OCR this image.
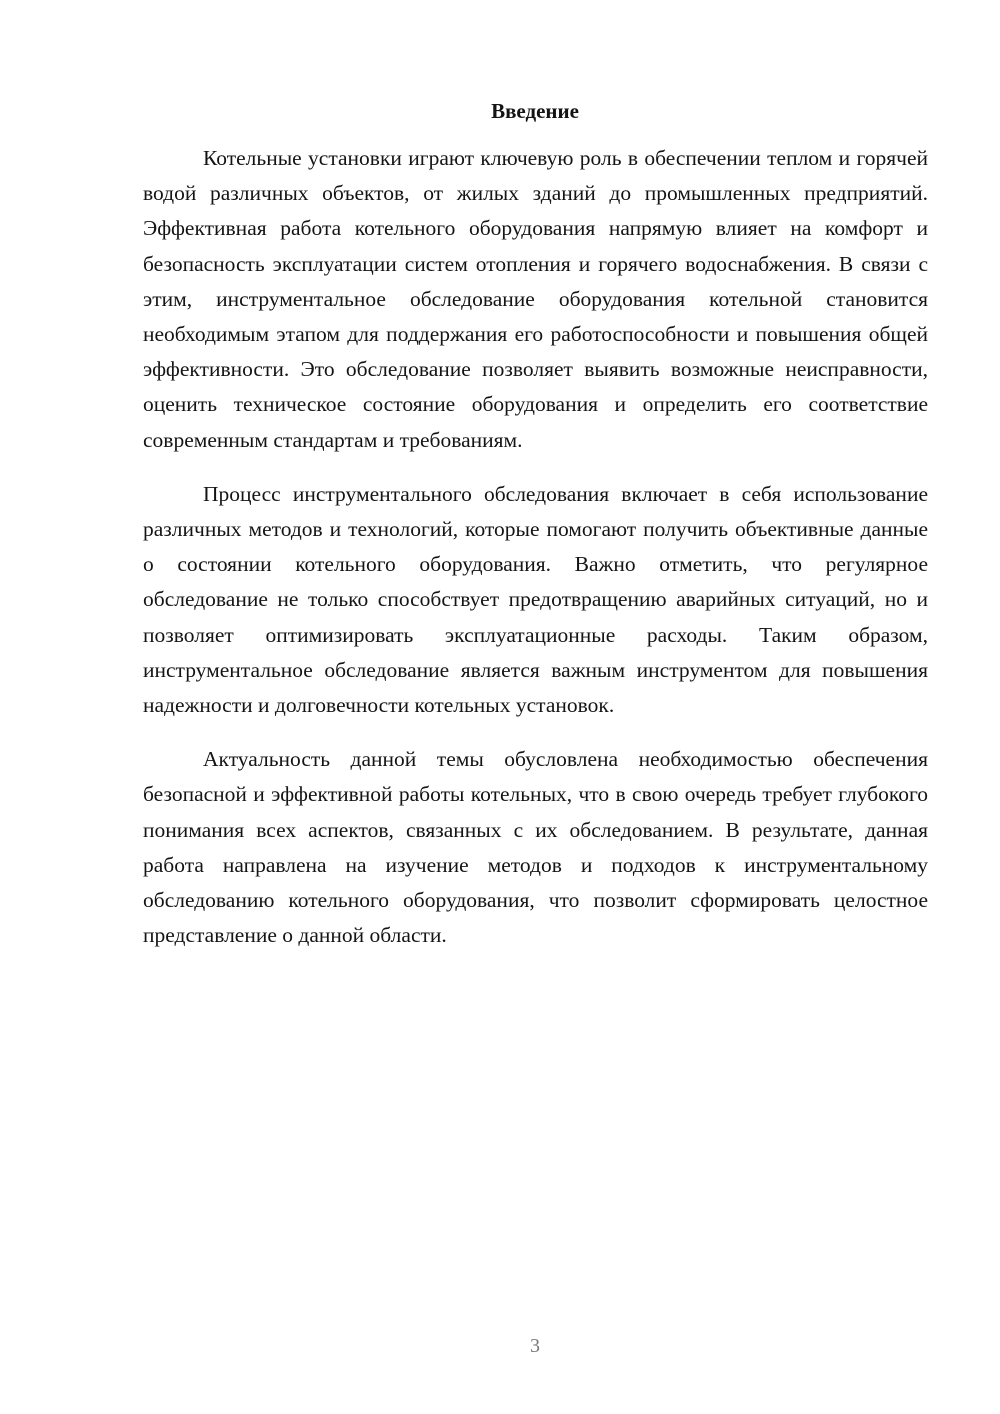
Введение

Котельные установки играют ключевую роль в обеспечении теплом и горячей водой различных объектов, от жилых зданий до промышленных предприятий. Эффективная работа котельного оборудования напрямую влияет на комфорт и безопасность эксплуатации систем отопления и горячего водоснабжения. В связи с этим, инструментальное обследование оборудования котельной становится необходимым этапом для поддержания его работоспособности и повышения общей эффективности. Это обследование позволяет выявить возможные неисправности, оценить техническое состояние оборудования и определить его соответствие современным стандартам и требованиям.

Процесс инструментального обследования включает в себя использование различных методов и технологий, которые помогают получить объективные данные о состоянии котельного оборудования. Важно отметить, что регулярное обследование не только способствует предотвращению аварийных ситуаций, но и позволяет оптимизировать эксплуатационные расходы. Таким образом, инструментальное обследование является важным инструментом для повышения надежности и долговечности котельных установок.

Актуальность данной темы обусловлена необходимостью обеспечения безопасной и эффективной работы котельных, что в свою очередь требует глубокого понимания всех аспектов, связанных с их обследованием. В результате, данная работа направлена на изучение методов и подходов к инструментальному обследованию котельного оборудования, что позволит сформировать целостное представление о данной области.

3
